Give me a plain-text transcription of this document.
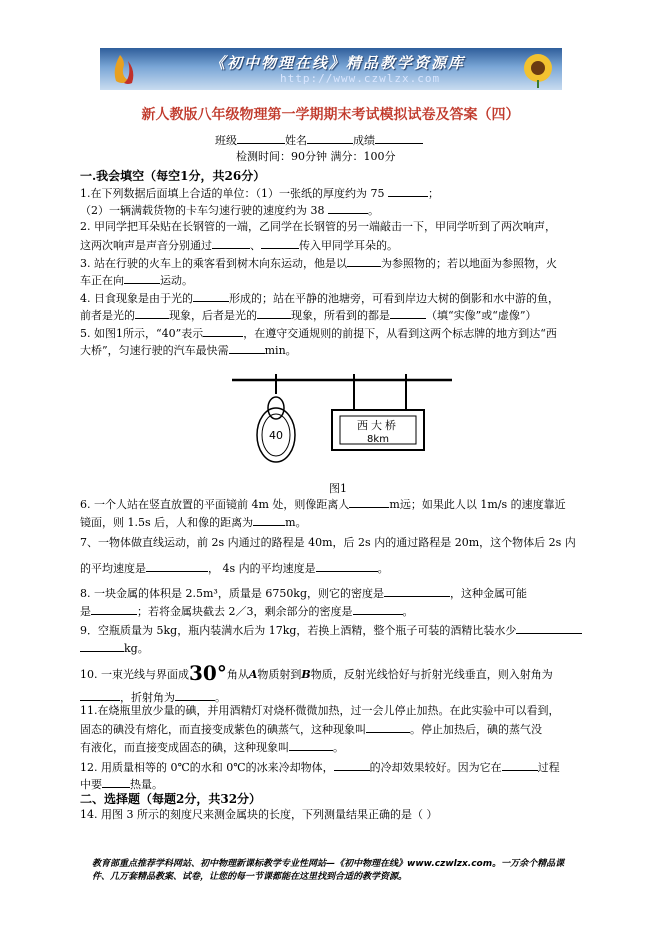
《初中物理在线》精品教学资源库
http://www.czwlzx.com
新人教版八年级物理第一学期期末考试模拟试卷及答案（四）
班级	姓名	成绩
检测时间：90分钟 满分：100分
一.我会填空（每空1分，共26分）
1.在下列数据后面填上合适的单位：（1）一张纸的厚度约为 75	；
（2）一辆满载货物的卡车匀速行驶的速度约为 38	。
2. 甲同学把耳朵贴在长钢管的一端，乙同学在长钢管的另一端敲击一下，甲同学听到了两次响声，
这两次响声是声音分别通过	、	传入甲同学耳朵的。
3. 站在行驶的火车上的乘客看到树木向东运动，他是以	为参照物的；若以地面为参照物，火
车正在向	运动。
4. 日食现象是由于光的	形成的；站在平静的池塘旁，可看到岸边大树的倒影和水中游的鱼，
前者是光的	现象，后者是光的	现象，所看到的都是	（填“实像”或“虚像”）
5. 如图1所示，“40”表示	，在遵守交通规则的前提下，从看到这两个标志牌的地方到达“西
大桥”，匀速行驶的汽车最快需	min。
40
西大桥
8km
图1
6. 一个人站在竖直放置的平面镜前 4m 处，则像距离人	m远；如果此人以 1m/s 的速度靠近
镜面，则 1.5s 后，人和像的距离为	m。
7、一物体做直线运动，前 2s 内通过的路程是 40m，后 2s 内的通过路程是 20m，这个物体后 2s 内
的平均速度是	， 4s 内的平均速度是	。
8. 一块金属的体积是 2.5m³，质量是 6750kg，则它的密度是	，这种金属可能
是	；若将金属块截去 2／3，剩余部分的密度是	。
9．空瓶质量为 5kg，瓶内装满水后为 17kg，若换上酒精，整个瓶子可装的酒精比装水少
kg。
10. 一束光线与界面成30°角从A物质射到B物质，反射光线恰好与折射光线垂直，则入射角为
，折射角为	。
11.在烧瓶里放少量的碘，并用酒精灯对烧杯微微加热，过一会儿停止加热。在此实验中可以看到，
固态的碘没有熔化，而直接变成紫色的碘蒸气，这种现象叫	。停止加热后，碘的蒸气没
有液化，而直接变成固态的碘，这种现象叫	。
12. 用质量相等的 0℃的水和 0℃的冰来冷却物体，	的冷却效果较好。因为它在	过程
中要	热量。
二、选择题（每题2分，共32分）
14. 用图 3 所示的刻度尺来测金属块的长度，下列测量结果正确的是（ ）
教育部重点推荐学科网站、初中物理新课标教学专业性网站—《初中物理在线》www.czwlzx.com。一万余个精品课件、几万套精品教案、试卷，让您的每一节课都能在这里找到合适的教学资源。
